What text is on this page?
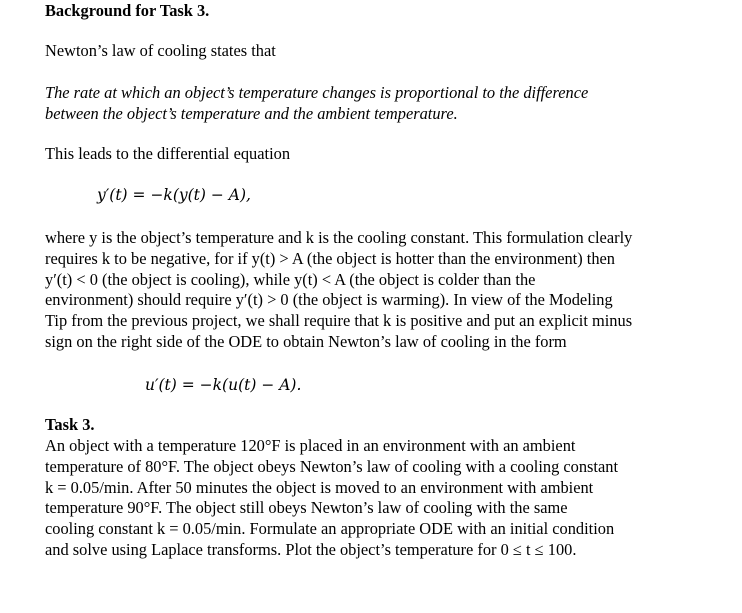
Background for Task 3.
Newton’s law of cooling states that
The rate at which an object’s temperature changes is proportional to the difference
between the object’s temperature and the ambient temperature.
This leads to the differential equation
y′(t) = −k(y(t) − A),
where y is the object’s temperature and k is the cooling constant. This formulation clearly
requires k to be negative, for if y(t) > A (the object is hotter than the environment) then
y′(t) < 0 (the object is cooling), while y(t) < A (the object is colder than the
environment) should require y′(t) > 0 (the object is warming). In view of the Modeling
Tip from the previous project, we shall require that k is positive and put an explicit minus
sign on the right side of the ODE to obtain Newton’s law of cooling in the form
u′(t) = −k(u(t) − A).
Task 3.
An object with a temperature 120°F is placed in an environment with an ambient
temperature of 80°F. The object obeys Newton’s law of cooling with a cooling constant
k = 0.05/min. After 50 minutes the object is moved to an environment with ambient
temperature 90°F. The object still obeys Newton’s law of cooling with the same
cooling constant k = 0.05/min. Formulate an appropriate ODE with an initial condition
and solve using Laplace transforms. Plot the object’s temperature for 0 ≤ t ≤ 100.
